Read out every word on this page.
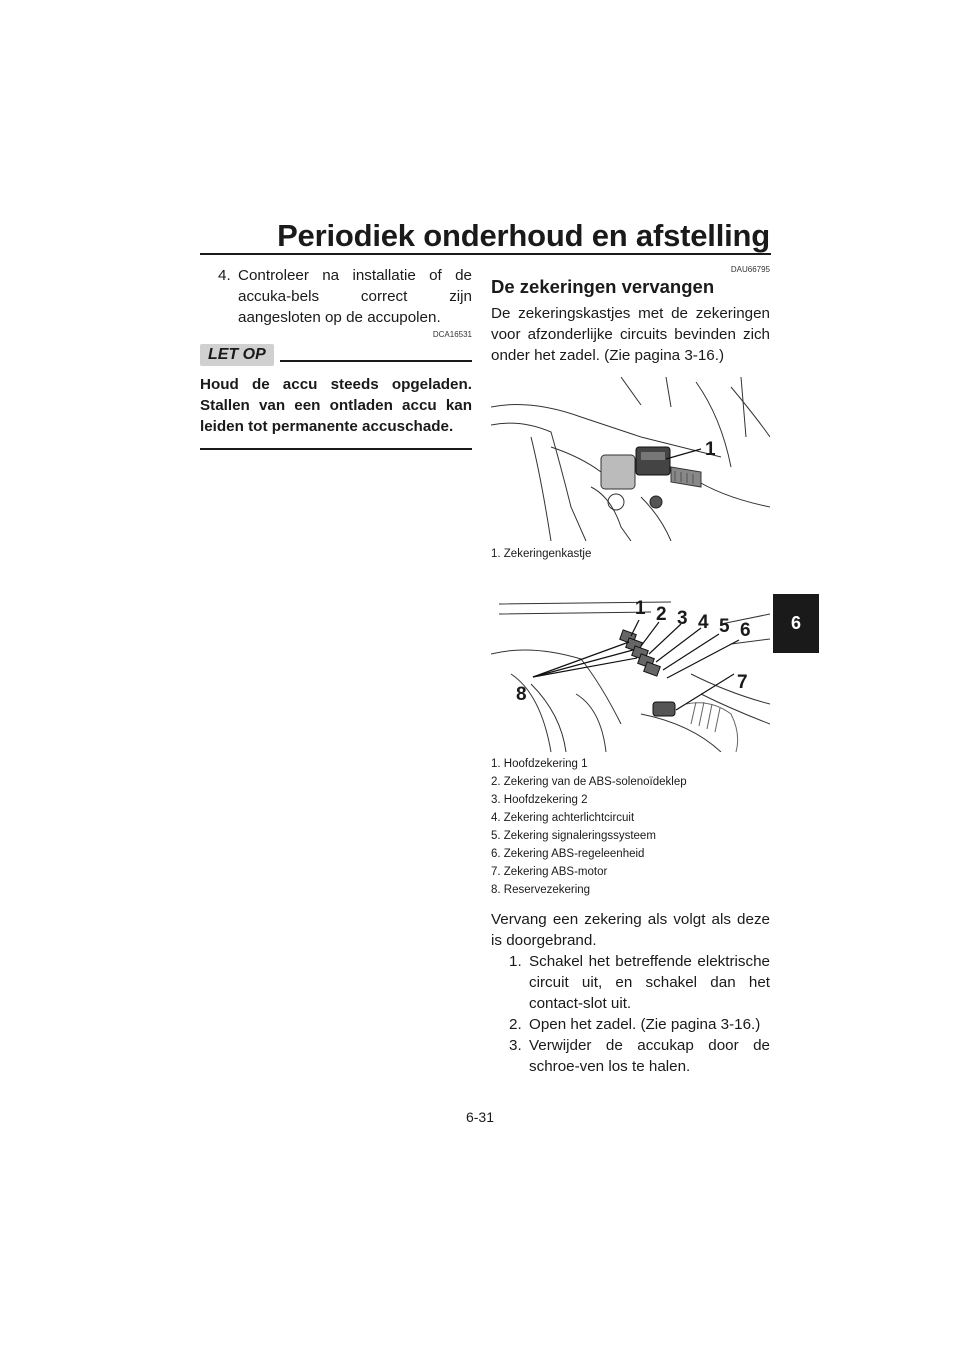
Periodiek onderhoud en afstelling
6
4. Controleer na installatie of de accuka-bels correct zijn aangesloten op de accupolen.
DCA16531
LET OP
Houd de accu steeds opgeladen. Stallen van een ontladen accu kan leiden tot permanente accuschade.
DAU66795
De zekeringen vervangen
De zekeringskastjes met de zekeringen voor afzonderlijke circuits bevinden zich onder het zadel. (Zie pagina 3-16.)
1
1. Zekeringenkastje
1 2 3 4 5 6
7
8
1. Hoofdzekering 1
2. Zekering van de ABS-solenoïdeklep
3. Hoofdzekering 2
4. Zekering achterlichtcircuit
5. Zekering signaleringssysteem
6. Zekering ABS-regeleenheid
7. Zekering ABS-motor
8. Reservezekering
Vervang een zekering als volgt als deze is doorgebrand.
1. Schakel het betreffende elektrische circuit uit, en schakel dan het contact-slot uit.
2. Open het zadel. (Zie pagina 3-16.)
3. Verwijder de accukap door de schroe-ven los te halen.
6-31
